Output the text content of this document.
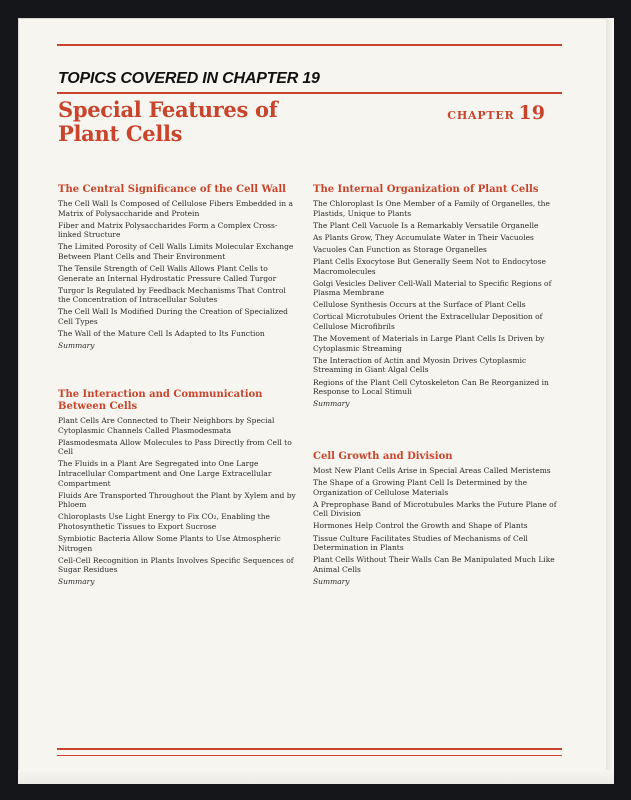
TOPICS COVERED IN CHAPTER 19
Special Features of
Plant Cells
CHAPTER 19
The Central Significance of the Cell Wall
The Cell Wall Is Composed of Cellulose Fibers Embedded in a Matrix of Polysaccharide and Protein
Fiber and Matrix Polysaccharides Form a Complex Cross-linked Structure
The Limited Porosity of Cell Walls Limits Molecular Exchange Between Plant Cells and Their Environment
The Tensile Strength of Cell Walls Allows Plant Cells to Generate an Internal Hydrostatic Pressure Called Turgor
Turgor Is Regulated by Feedback Mechanisms That Control the Concentration of Intracellular Solutes
The Cell Wall Is Modified During the Creation of Specialized Cell Types
The Wall of the Mature Cell Is Adapted to Its Function
Summary
The Interaction and Communication Between Cells
Plant Cells Are Connected to Their Neighbors by Special Cytoplasmic Channels Called Plasmodesmata
Plasmodesmata Allow Molecules to Pass Directly from Cell to Cell
The Fluids in a Plant Are Segregated into One Large Intracellular Compartment and One Large Extracellular Compartment
Fluids Are Transported Throughout the Plant by Xylem and by Phloem
Chloroplasts Use Light Energy to Fix CO₂, Enabling the Photosynthetic Tissues to Export Sucrose
Symbiotic Bacteria Allow Some Plants to Use Atmospheric Nitrogen
Cell-Cell Recognition in Plants Involves Specific Sequences of Sugar Residues
Summary
The Internal Organization of Plant Cells
The Chloroplast Is One Member of a Family of Organelles, the Plastids, Unique to Plants
The Plant Cell Vacuole Is a Remarkably Versatile Organelle
As Plants Grow, They Accumulate Water in Their Vacuoles
Vacuoles Can Function as Storage Organelles
Plant Cells Exocytose But Generally Seem Not to Endocytose Macromolecules
Golgi Vesicles Deliver Cell-Wall Material to Specific Regions of Plasma Membrane
Cellulose Synthesis Occurs at the Surface of Plant Cells
Cortical Microtubules Orient the Extracellular Deposition of Cellulose Microfibrils
The Movement of Materials in Large Plant Cells Is Driven by Cytoplasmic Streaming
The Interaction of Actin and Myosin Drives Cytoplasmic Streaming in Giant Algal Cells
Regions of the Plant Cell Cytoskeleton Can Be Reorganized in Response to Local Stimuli
Summary
Cell Growth and Division
Most New Plant Cells Arise in Special Areas Called Meristems
The Shape of a Growing Plant Cell Is Determined by the Organization of Cellulose Materials
A Preprophase Band of Microtubules Marks the Future Plane of Cell Division
Hormones Help Control the Growth and Shape of Plants
Tissue Culture Facilitates Studies of Mechanisms of Cell Determination in Plants
Plant Cells Without Their Walls Can Be Manipulated Much Like Animal Cells
Summary
